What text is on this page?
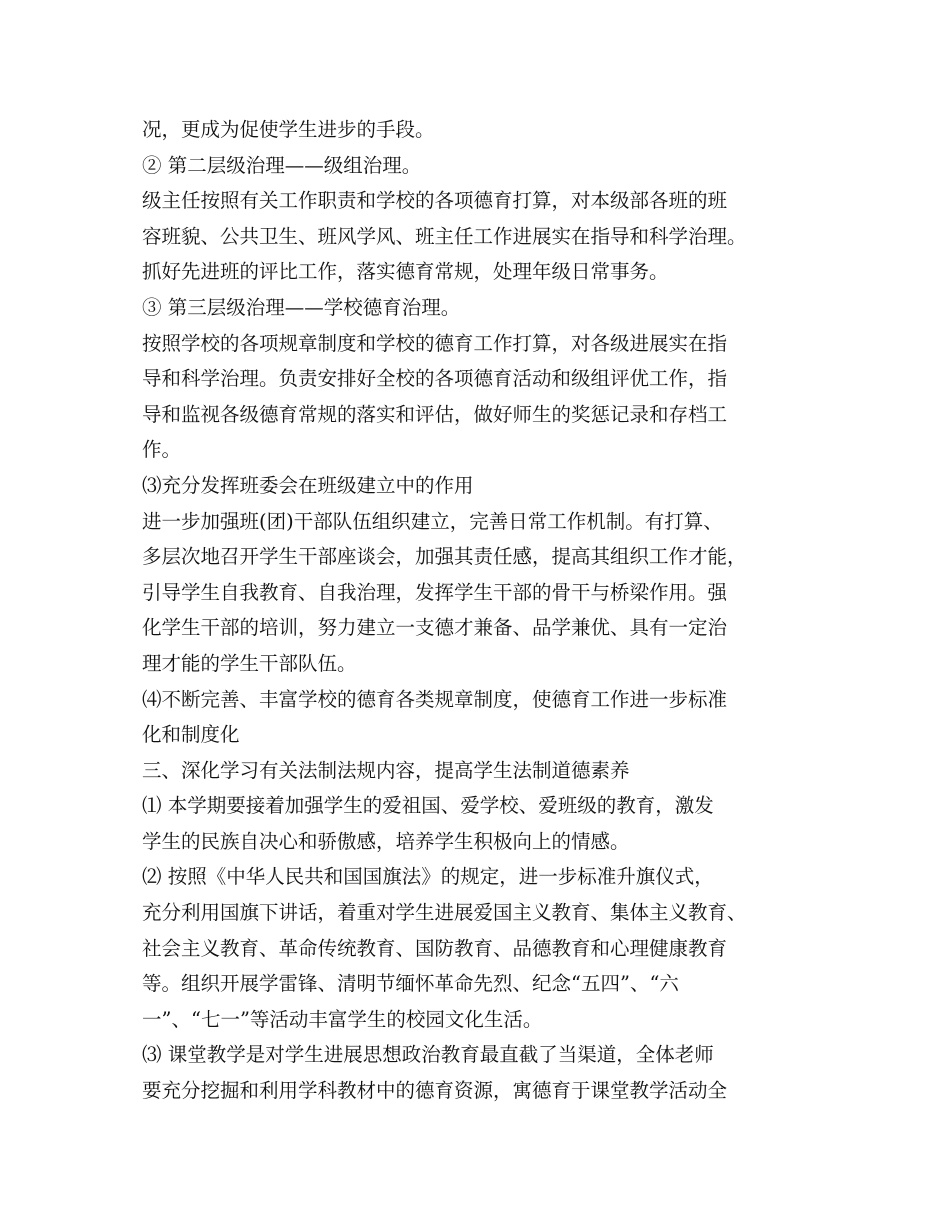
况，更成为促使学生进步的手段。
② 第二层级治理——级组治理。
级主任按照有关工作职责和学校的各项德育打算，对本级部各班的班
容班貌、公共卫生、班风学风、班主任工作进展实在指导和科学治理。
抓好先进班的评比工作，落实德育常规，处理年级日常事务。
③ 第三层级治理——学校德育治理。
按照学校的各项规章制度和学校的德育工作打算，对各级进展实在指
导和科学治理。负责安排好全校的各项德育活动和级组评优工作，指
导和监视各级德育常规的落实和评估，做好师生的奖惩记录和存档工
作。
⑶充分发挥班委会在班级建立中的作用
进一步加强班(团)干部队伍组织建立，完善日常工作机制。有打算、
多层次地召开学生干部座谈会，加强其责任感，提高其组织工作才能，
引导学生自我教育、自我治理，发挥学生干部的骨干与桥梁作用。强
化学生干部的培训，努力建立一支德才兼备、品学兼优、具有一定治
理才能的学生干部队伍。
⑷不断完善、丰富学校的德育各类规章制度，使德育工作进一步标准
化和制度化
三、深化学习有关法制法规内容，提高学生法制道德素养
⑴ 本学期要接着加强学生的爱祖国、爱学校、爱班级的教育，激发
学生的民族自决心和骄傲感，培养学生积极向上的情感。
⑵ 按照《中华人民共和国国旗法》的规定，进一步标准升旗仪式，
充分利用国旗下讲话，着重对学生进展爱国主义教育、集体主义教育、
社会主义教育、革命传统教育、国防教育、品德教育和心理健康教育
等。组织开展学雷锋、清明节缅怀革命先烈、纪念“五四”、“六
一”、“七一”等活动丰富学生的校园文化生活。
⑶ 课堂教学是对学生进展思想政治教育最直截了当渠道，全体老师
要充分挖掘和利用学科教材中的德育资源，寓德育于课堂教学活动全
